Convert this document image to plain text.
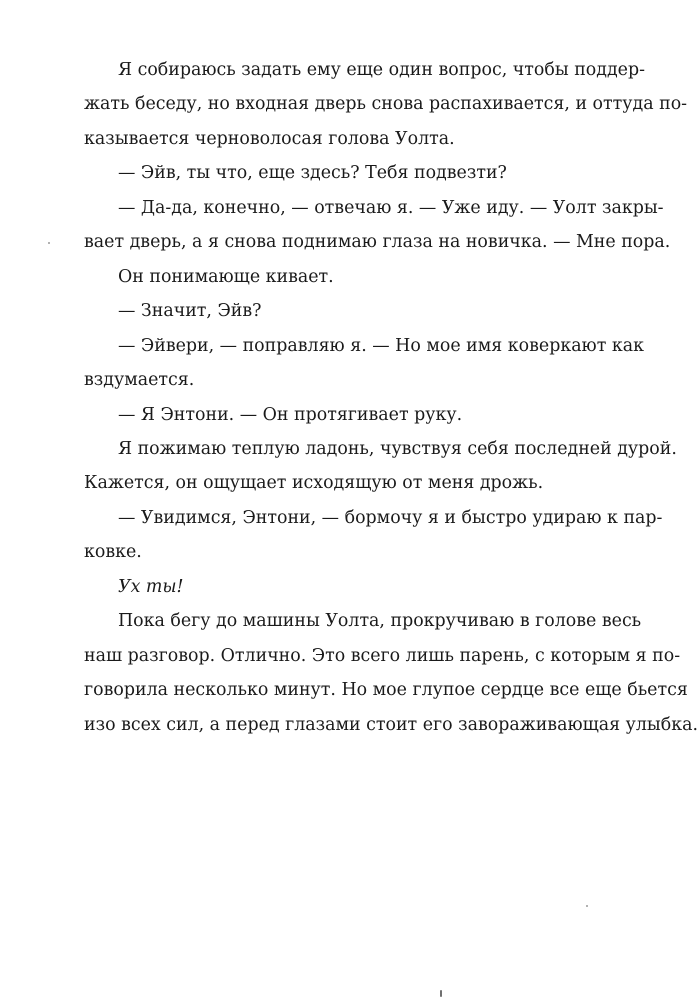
Я собираюсь задать ему еще один вопрос, чтобы поддер-
жать беседу, но входная дверь снова распахивается, и оттуда по-
казывается черноволосая голова Уолта.

— Эйв, ты что, еще здесь? Тебя подвезти?

— Да-да, конечно, — отвечаю я. — Уже иду. — Уолт закры-
вает дверь, а я снова поднимаю глаза на новичка. — Мне пора.

Он понимающе кивает.

— Значит, Эйв?

— Эйвери, — поправляю я. — Но мое имя коверкают как
вздумается.

— Я Энтони. — Он протягивает руку.

Я пожимаю теплую ладонь, чувствуя себя последней дурой.
Кажется, он ощущает исходящую от меня дрожь.

— Увидимся, Энтони, — бормочу я и быстро удираю к пар-
ковке.

Ух ты!

Пока бегу до машины Уолта, прокручиваю в голове весь
наш разговор. Отлично. Это всего лишь парень, с которым я по-
говорила несколько минут. Но мое глупое сердце все еще бьется
изо всех сил, а перед глазами стоит его завораживающая улыбка.
